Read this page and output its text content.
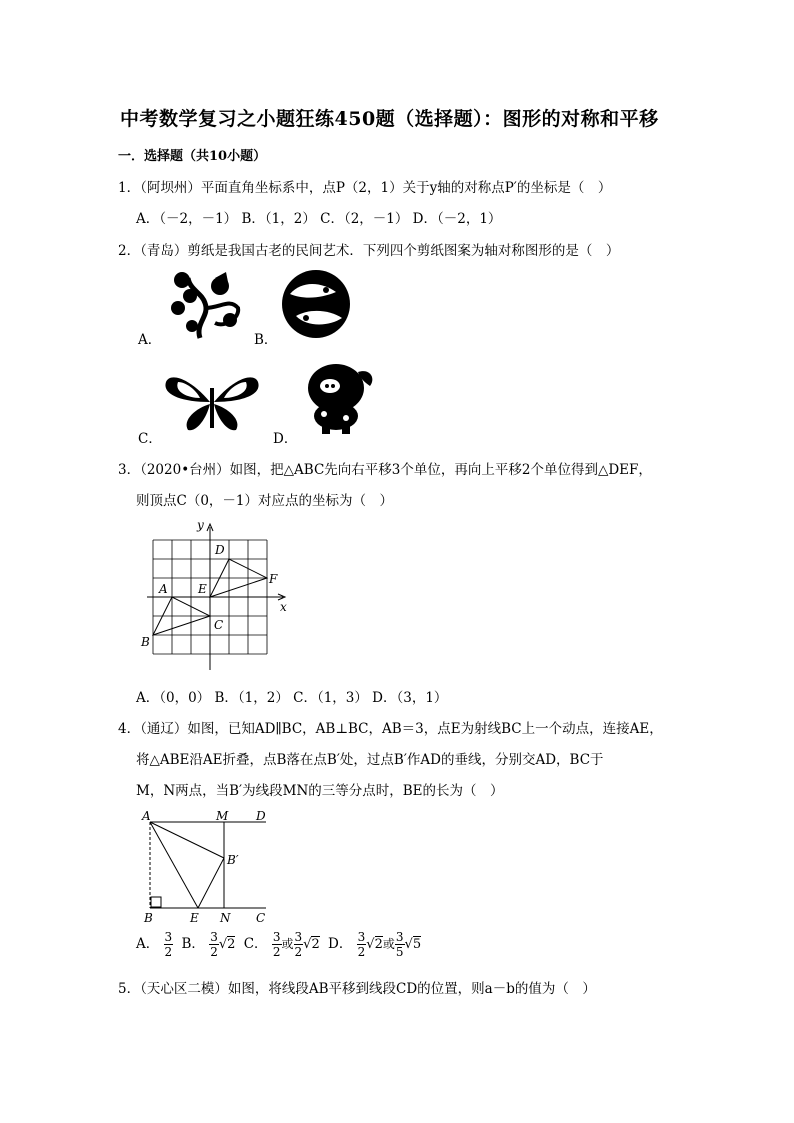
中考数学复习之小题狂练450题（选择题）：图形的对称和平移
一．选择题（共10小题）
1．（阿坝州）平面直角坐标系中，点P（2，1）关于y轴的对称点P′的坐标是（　）
A．（－2，－1） B．（1，2） C．（2，－1） D．（－2，1）
2．（青岛）剪纸是我国古老的民间艺术．下列四个剪纸图案为轴对称图形的是（　）
A．	B．
C．	D．
3．（2020•台州）如图，把△ABC先向右平移3个单位，再向上平移2个单位得到△DEF，
则顶点C（0，－1）对应点的坐标为（　）
y
x
D
F
A	E
C
B
A．（0，0） B．（1，2） C．（1，3） D．（3，1）
4．（通辽）如图，已知AD∥BC，AB⊥BC，AB＝3，点E为射线BC上一个动点，连接AE，
将△ABE沿AE折叠，点B落在点B′处，过点B′作AD的垂线，分别交AD，BC于
M，N两点，当B′为线段MN的三等分点时，BE的长为（　）
A	M D
B′
B	E N C
A． $\frac{3}{2}$ B． $\frac{3}{2} √2$ C． $\frac{3}{2}$ 或 $\frac{3}{2} √2$ D． $\frac{3}{2} √2$或 $\frac{3}{5} √5$
5．（天心区二模）如图，将线段AB平移到线段CD的位置，则a－b的值为（　）
